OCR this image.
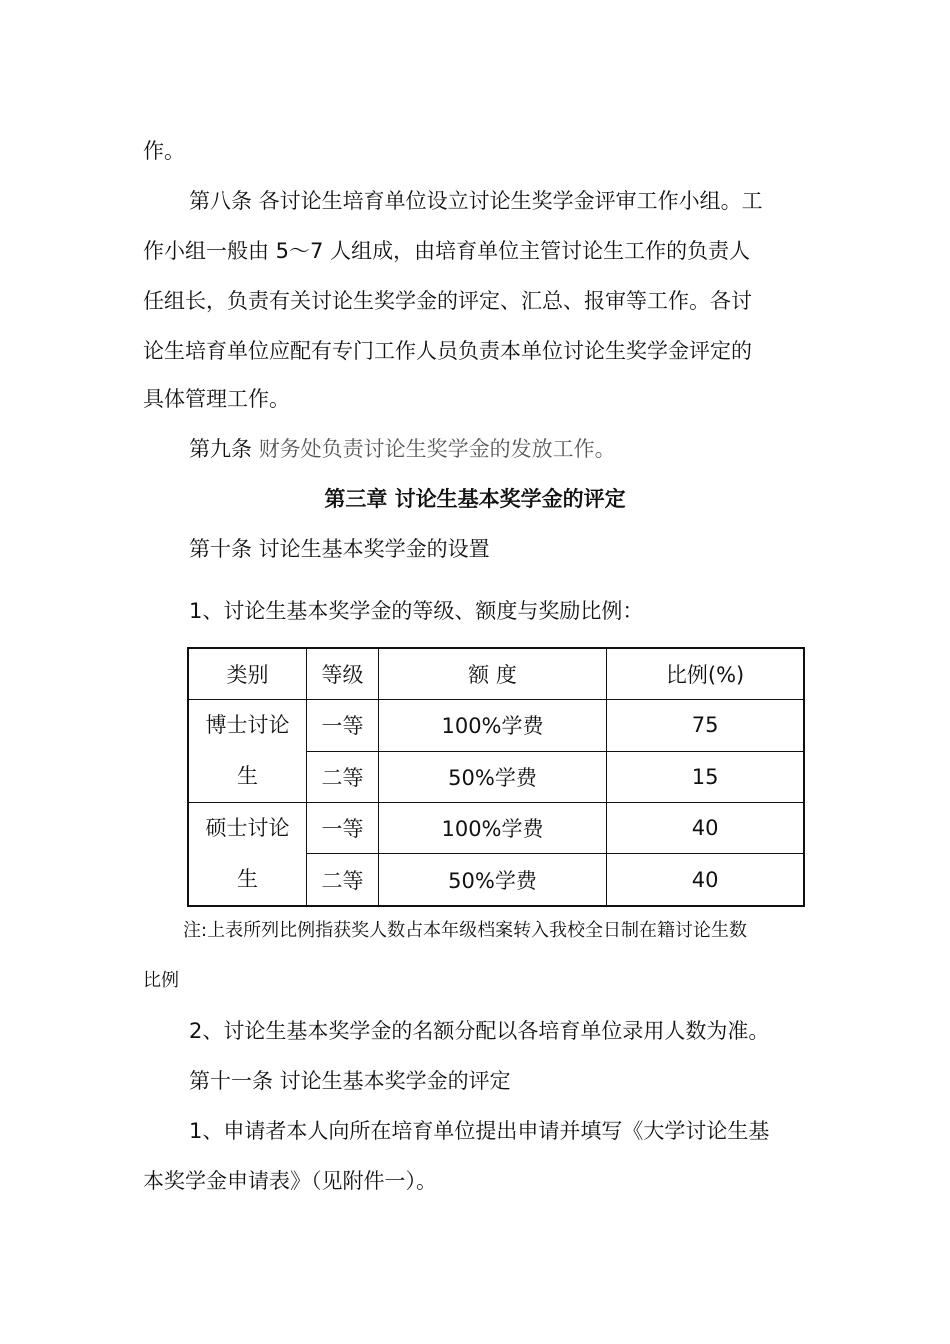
作。
第八条 各讨论生培育单位设立讨论生奖学金评审工作小组。工
作小组一般由 5～7 人组成，由培育单位主管讨论生工作的负责人
任组长，负责有关讨论生奖学金的评定、汇总、报审等工作。各讨
论生培育单位应配有专门工作人员负责本单位讨论生奖学金评定的
具体管理工作。
第九条 财务处负责讨论生奖学金的发放工作。
第三章 讨论生基本奖学金的评定
第十条 讨论生基本奖学金的设置
1、讨论生基本奖学金的等级、额度与奖励比例：
类别	等级	额 度	比例(%)

博士讨论
生	一等	100%学费	75
	二等	50%学费	15

硕士讨论
生	一等	100%学费	40
	二等	50%学费	40
注:上表所列比例指获奖人数占本年级档案转入我校全日制在籍讨论生数
比例
2、讨论生基本奖学金的名额分配以各培育单位录用人数为准。
第十一条 讨论生基本奖学金的评定
1、申请者本人向所在培育单位提出申请并填写《大学讨论生基
本奖学金申请表》（见附件一）。
